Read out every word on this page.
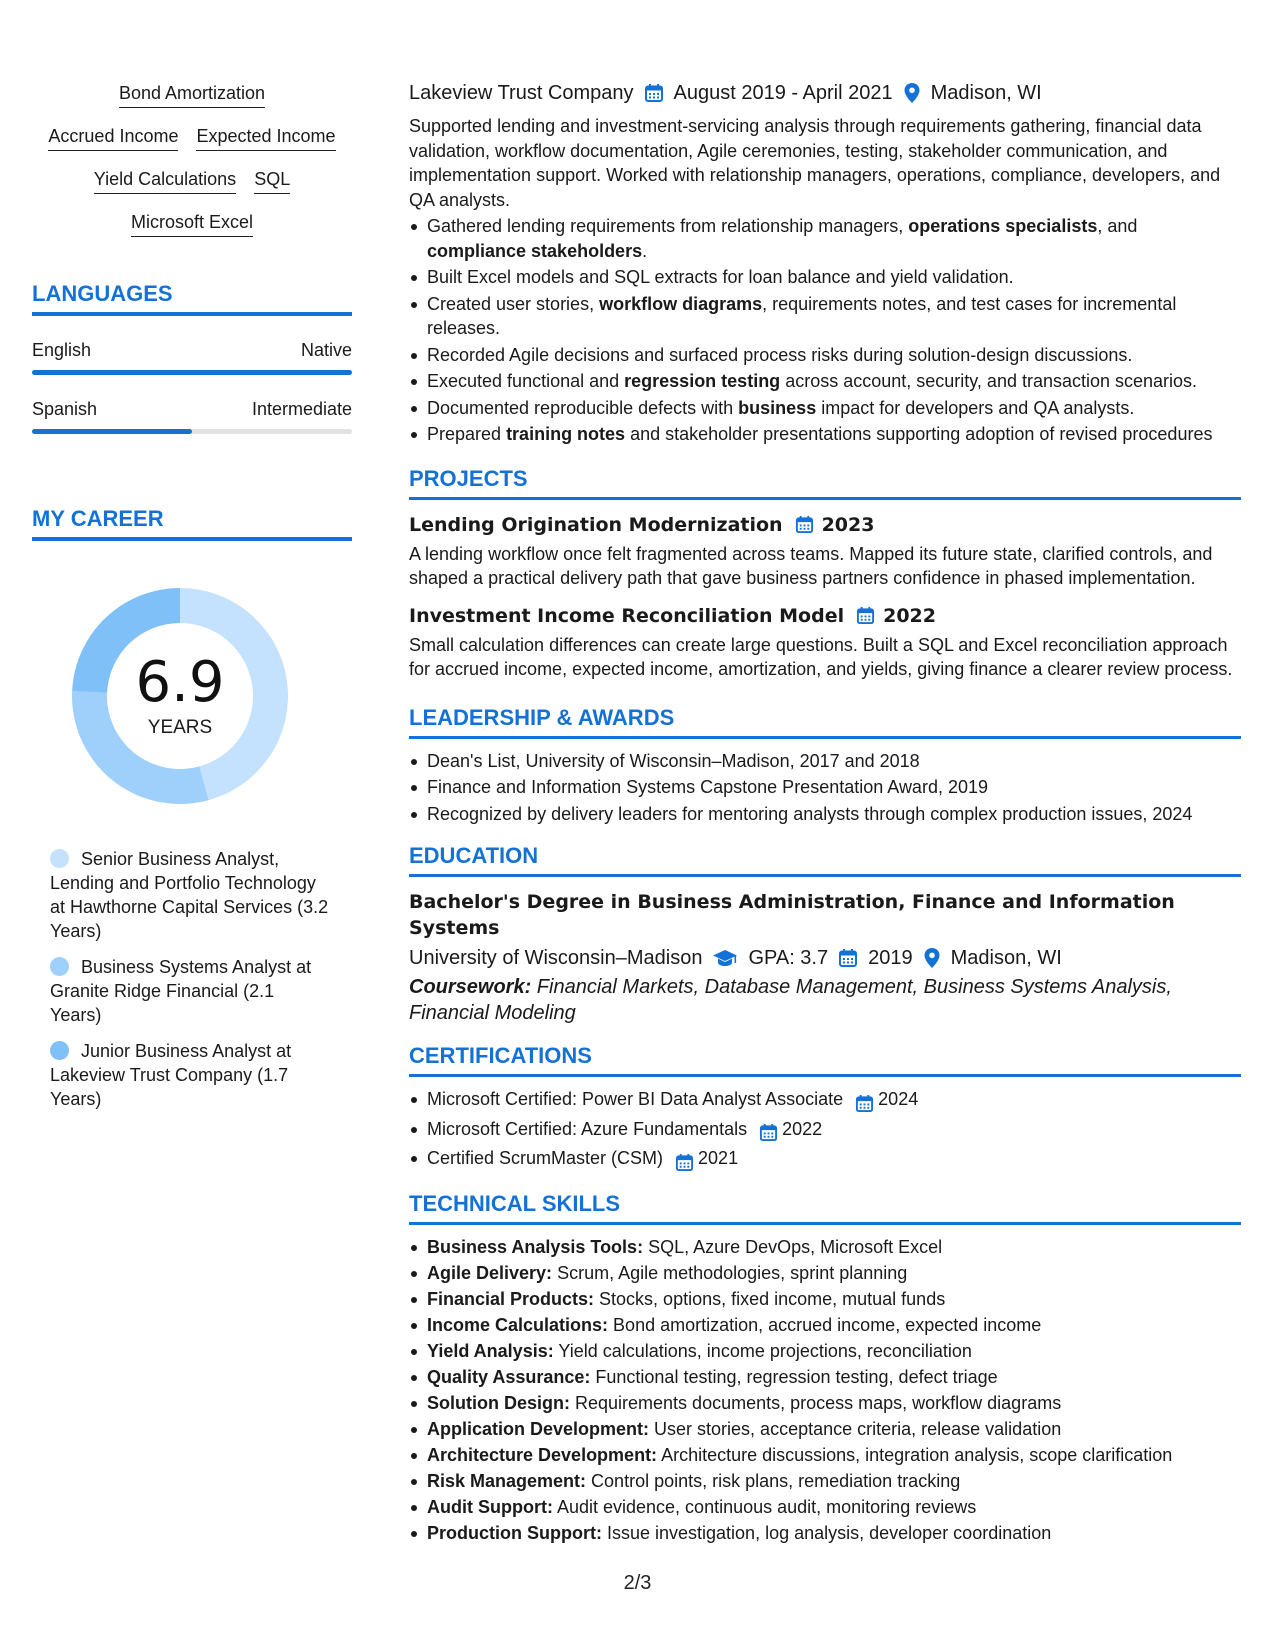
Bond Amortization
Accrued Income Expected Income
Yield Calculations SQL
Microsoft Excel
LANGUAGES
English	Native
Spanish	Intermediate
MY CAREER
6.9
YEARS
Senior Business Analyst, Lending and Portfolio Technology at Hawthorne Capital Services (3.2 Years)
Business Systems Analyst at Granite Ridge Financial (2.1 Years)
Junior Business Analyst at Lakeview Trust Company (1.7 Years)
Lakeview Trust Company August 2019 - April 2021 Madison, WI

Supported lending and investment-servicing analysis through requirements gathering, financial data validation, workflow documentation, Agile ceremonies, testing, stakeholder communication, and implementation support. Worked with relationship managers, operations, compliance, developers, and QA analysts.

Gathered lending requirements from relationship managers, operations specialists, and compliance stakeholders.
Built Excel models and SQL extracts for loan balance and yield validation.
Created user stories, workflow diagrams, requirements notes, and test cases for incremental releases.
Recorded Agile decisions and surfaced process risks during solution-design discussions.
Executed functional and regression testing across account, security, and transaction scenarios.
Documented reproducible defects with business impact for developers and QA analysts.
Prepared training notes and stakeholder presentations supporting adoption of revised procedures
PROJECTS
Lending Origination Modernization 2023

A lending workflow once felt fragmented across teams. Mapped its future state, clarified controls, and shaped a practical delivery path that gave business partners confidence in phased implementation.

Investment Income Reconciliation Model 2022

Small calculation differences can create large questions. Built a SQL and Excel reconciliation approach for accrued income, expected income, amortization, and yields, giving finance a clearer review process.

LEADERSHIP & AWARDS
Dean's List, University of Wisconsin–Madison, 2017 and 2018
Finance and Information Systems Capstone Presentation Award, 2019
Recognized by delivery leaders for mentoring analysts through complex production issues, 2024
EDUCATION
Bachelor's Degree in Business Administration, Finance and Information Systems
University of Wisconsin–Madison GPA: 3.7 2019 Madison, WI
Coursework: Financial Markets, Database Management, Business Systems Analysis, Financial Modeling
CERTIFICATIONS
Microsoft Certified: Power BI Data Analyst Associate 2024
Microsoft Certified: Azure Fundamentals 2022
Certified ScrumMaster (CSM) 2021
TECHNICAL SKILLS
Business Analysis Tools: SQL, Azure DevOps, Microsoft Excel
Agile Delivery: Scrum, Agile methodologies, sprint planning
Financial Products: Stocks, options, fixed income, mutual funds
Income Calculations: Bond amortization, accrued income, expected income
Yield Analysis: Yield calculations, income projections, reconciliation
Quality Assurance: Functional testing, regression testing, defect triage
Solution Design: Requirements documents, process maps, workflow diagrams
Application Development: User stories, acceptance criteria, release validation
Architecture Development: Architecture discussions, integration analysis, scope clarification
Risk Management: Control points, risk plans, remediation tracking
Audit Support: Audit evidence, continuous audit, monitoring reviews
Production Support: Issue investigation, log analysis, developer coordination
2/3
